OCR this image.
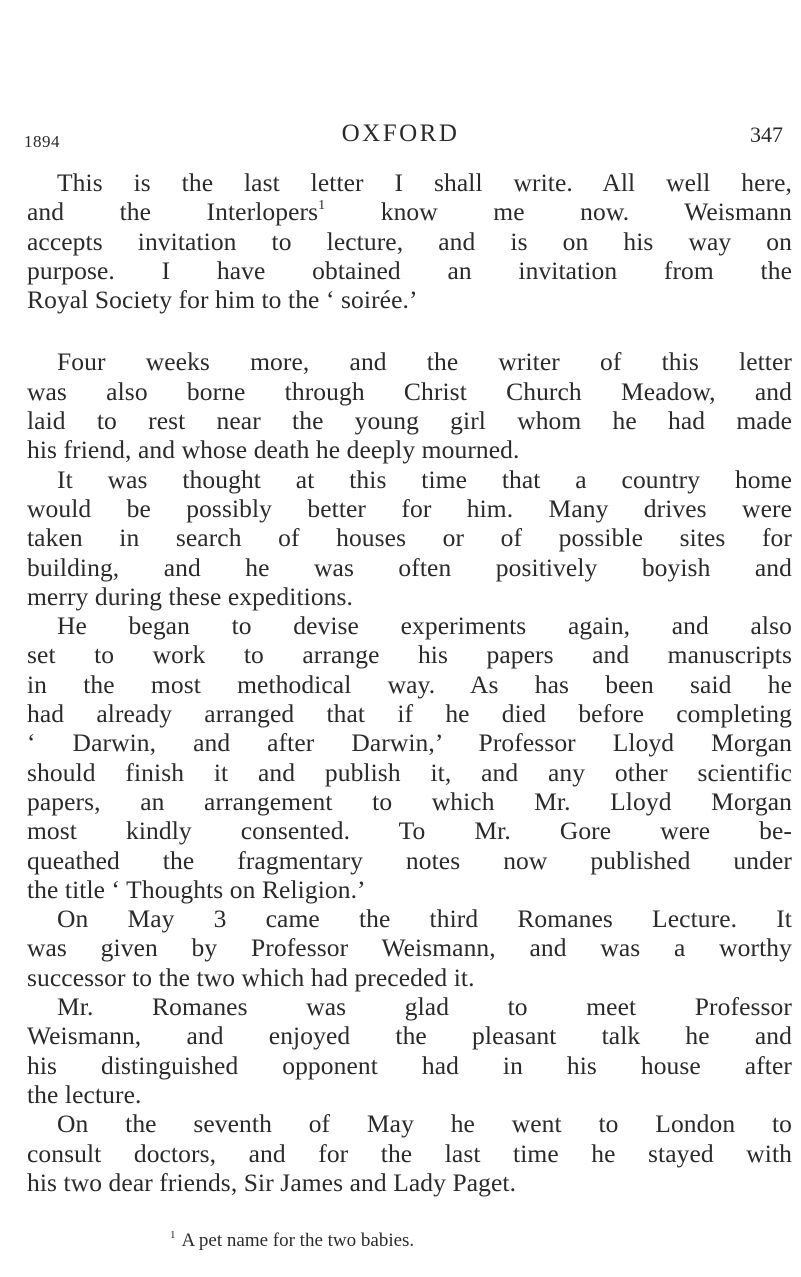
1894	OXFORD	347
This is the last letter I shall write. All well here,
and the Interlopers$^1$ know me now. Weismann
accepts invitation to lecture, and is on his way on
purpose. I have obtained an invitation from the
Royal Society for him to the ‘ soirée.’
Four weeks more, and the writer of this letter
was also borne through Christ Church Meadow, and
laid to rest near the young girl whom he had made
his friend, and whose death he deeply mourned.
It was thought at this time that a country home
would be possibly better for him. Many drives were
taken in search of houses or of possible sites for
building, and he was often positively boyish and
merry during these expeditions.
He began to devise experiments again, and also
set to work to arrange his papers and manuscripts
in the most methodical way. As has been said he
had already arranged that if he died before completing
‘ Darwin, and after Darwin,’ Professor Lloyd Morgan
should finish it and publish it, and any other scientific
papers, an arrangement to which Mr. Lloyd Morgan
most kindly consented. To Mr. Gore were be-
queathed the fragmentary notes now published under
the title ‘ Thoughts on Religion.’
On May 3 came the third Romanes Lecture. It
was given by Professor Weismann, and was a worthy
successor to the two which had preceded it.
Mr. Romanes was glad to meet Professor
Weismann, and enjoyed the pleasant talk he and
his distinguished opponent had in his house after
the lecture.
On the seventh of May he went to London to
consult doctors, and for the last time he stayed with
his two dear friends, Sir James and Lady Paget.
$^1$ A pet name for the two babies.
